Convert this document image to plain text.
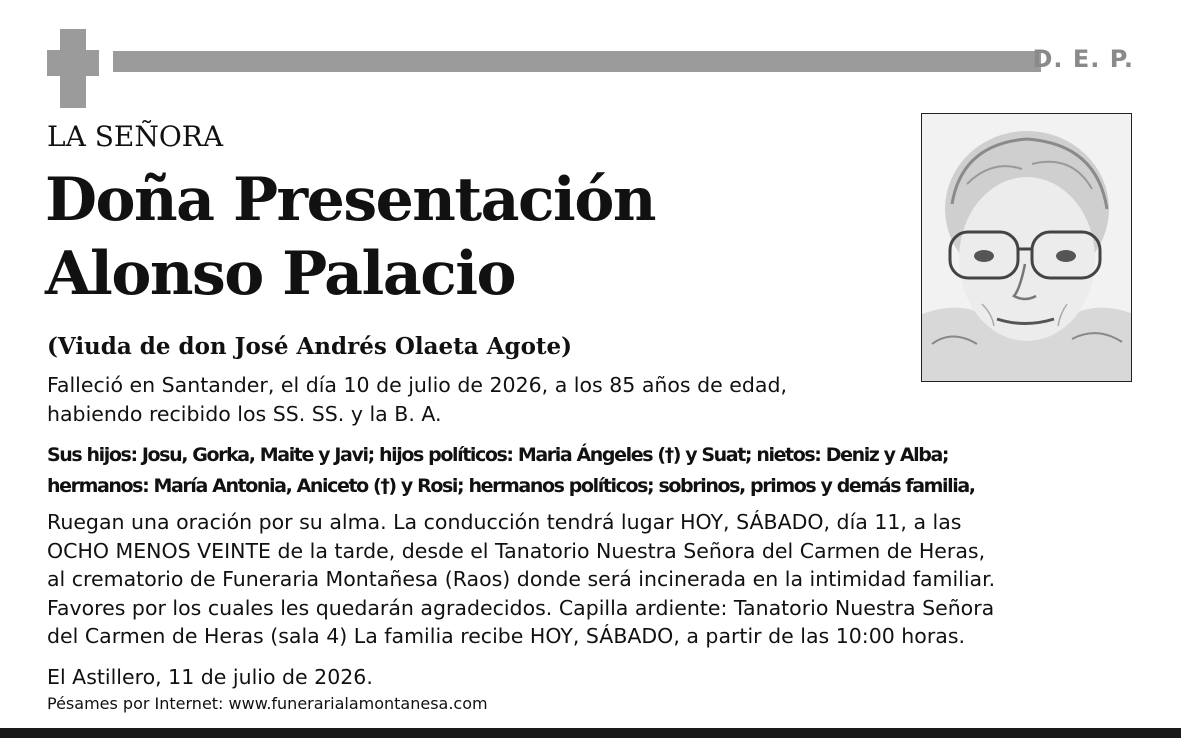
D. E. P.
LA SEÑORA
Doña Presentación
Alonso Palacio
(Viuda de don José Andrés Olaeta Agote)
Falleció en Santander, el día 10 de julio de 2026, a los 85 años de edad,
habiendo recibido los SS. SS. y la B. A.
Sus hijos: Josu, Gorka, Maite y Javi; hijos políticos: Maria Ángeles (†) y Suat; nietos: Deniz y Alba;
hermanos: María Antonia, Aniceto (†) y Rosi; hermanos políticos; sobrinos, primos y demás familia,
Ruegan una oración por su alma. La conducción tendrá lugar HOY, SÁBADO, día 11, a las
OCHO MENOS VEINTE de la tarde, desde el Tanatorio Nuestra Señora del Carmen de Heras,
al crematorio de Funeraria Montañesa (Raos) donde será incinerada en la intimidad familiar.
Favores por los cuales les quedarán agradecidos. Capilla ardiente: Tanatorio Nuestra Señora
del Carmen de Heras (sala 4) La familia recibe HOY, SÁBADO, a partir de las 10:00 horas.
El Astillero, 11 de julio de 2026.
Pésames por Internet: www.funerarialamontanesa.com
